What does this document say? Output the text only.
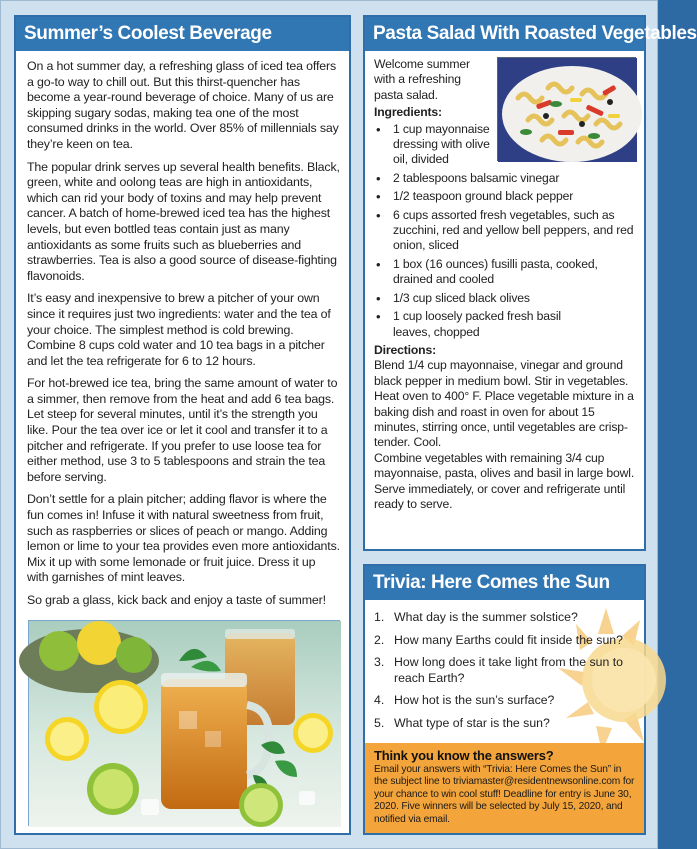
Summer’s Coolest Beverage

On a hot summer day, a refreshing glass of iced tea offers a go-to way to chill out. But this thirst-quencher has become a year-round beverage of choice. Many of us are skipping sugary sodas, making tea one of the most consumed drinks in the world. Over 85% of millennials say they’re keen on tea.

The popular drink serves up several health benefits. Black, green, white and oolong teas are high in antioxidants, which can rid your body of toxins and may help prevent cancer. A batch of home-brewed iced tea has the highest levels, but even bottled teas contain just as many antioxidants as some fruits such as blueberries and strawberries. Tea is also a good source of disease-fighting flavonoids.

It’s easy and inexpensive to brew a pitcher of your own since it requires just two ingredients: water and the tea of your choice. The simplest method is cold brewing. Combine 8 cups cold water and 10 tea bags in a pitcher and let the tea refrigerate for 6 to 12 hours.

For hot-brewed ice tea, bring the same amount of water to a simmer, then remove from the heat and add 6 tea bags. Let steep for several minutes, until it’s the strength you like. Pour the tea over ice or let it cool and transfer it to a pitcher and refrigerate. If you prefer to use loose tea for either method, use 3 to 5 tablespoons and strain the tea before serving.

Don’t settle for a plain pitcher; adding flavor is where the fun comes in! Infuse it with natural sweetness from fruit, such as raspberries or slices of peach or mango. Adding lemon or lime to your tea provides even more antioxidants. Mix it up with some lemonade or fruit juice. Dress it up with garnishes of mint leaves.

So grab a glass, kick back and enjoy a taste of summer!

Pasta Salad With Roasted Vegetables

Welcome summer with a refreshing pasta salad.

Ingredients:

• 1 cup mayonnaise dressing with olive oil, divided
• 2 tablespoons balsamic vinegar
• 1/2 teaspoon ground black pepper
• 6 cups assorted fresh vegetables, such as zucchini, red and yellow bell peppers, and red onion, sliced
• 1 box (16 ounces) fusilli pasta, cooked, drained and cooled
• 1/3 cup sliced black olives
• 1 cup loosely packed fresh basil leaves, chopped

Directions:

Blend 1/4 cup mayonnaise, vinegar and ground black pepper in medium bowl. Stir in vegetables.

Heat oven to 400° F. Place vegetable mixture in a baking dish and roast in oven for about 15 minutes, stirring once, until vegetables are crisp-tender. Cool.

Combine vegetables with remaining 3/4 cup mayonnaise, pasta, olives and basil in large bowl. Serve immediately, or cover and refrigerate until ready to serve.

Trivia: Here Comes the Sun
1. What day is the summer solstice?
2. How many Earths could fit inside the sun?
3. How long does it take light from the sun to reach Earth?
4. How hot is the sun’s surface?
5. What type of star is the sun?
Think you know the answers?

Email your answers with “Trivia: Here Comes the Sun” in the subject line to triviamaster@residentnewsonline.com for your chance to win cool stuff! Deadline for entry is June 30, 2020. Five winners will be selected by July 15, 2020, and notified via email.
